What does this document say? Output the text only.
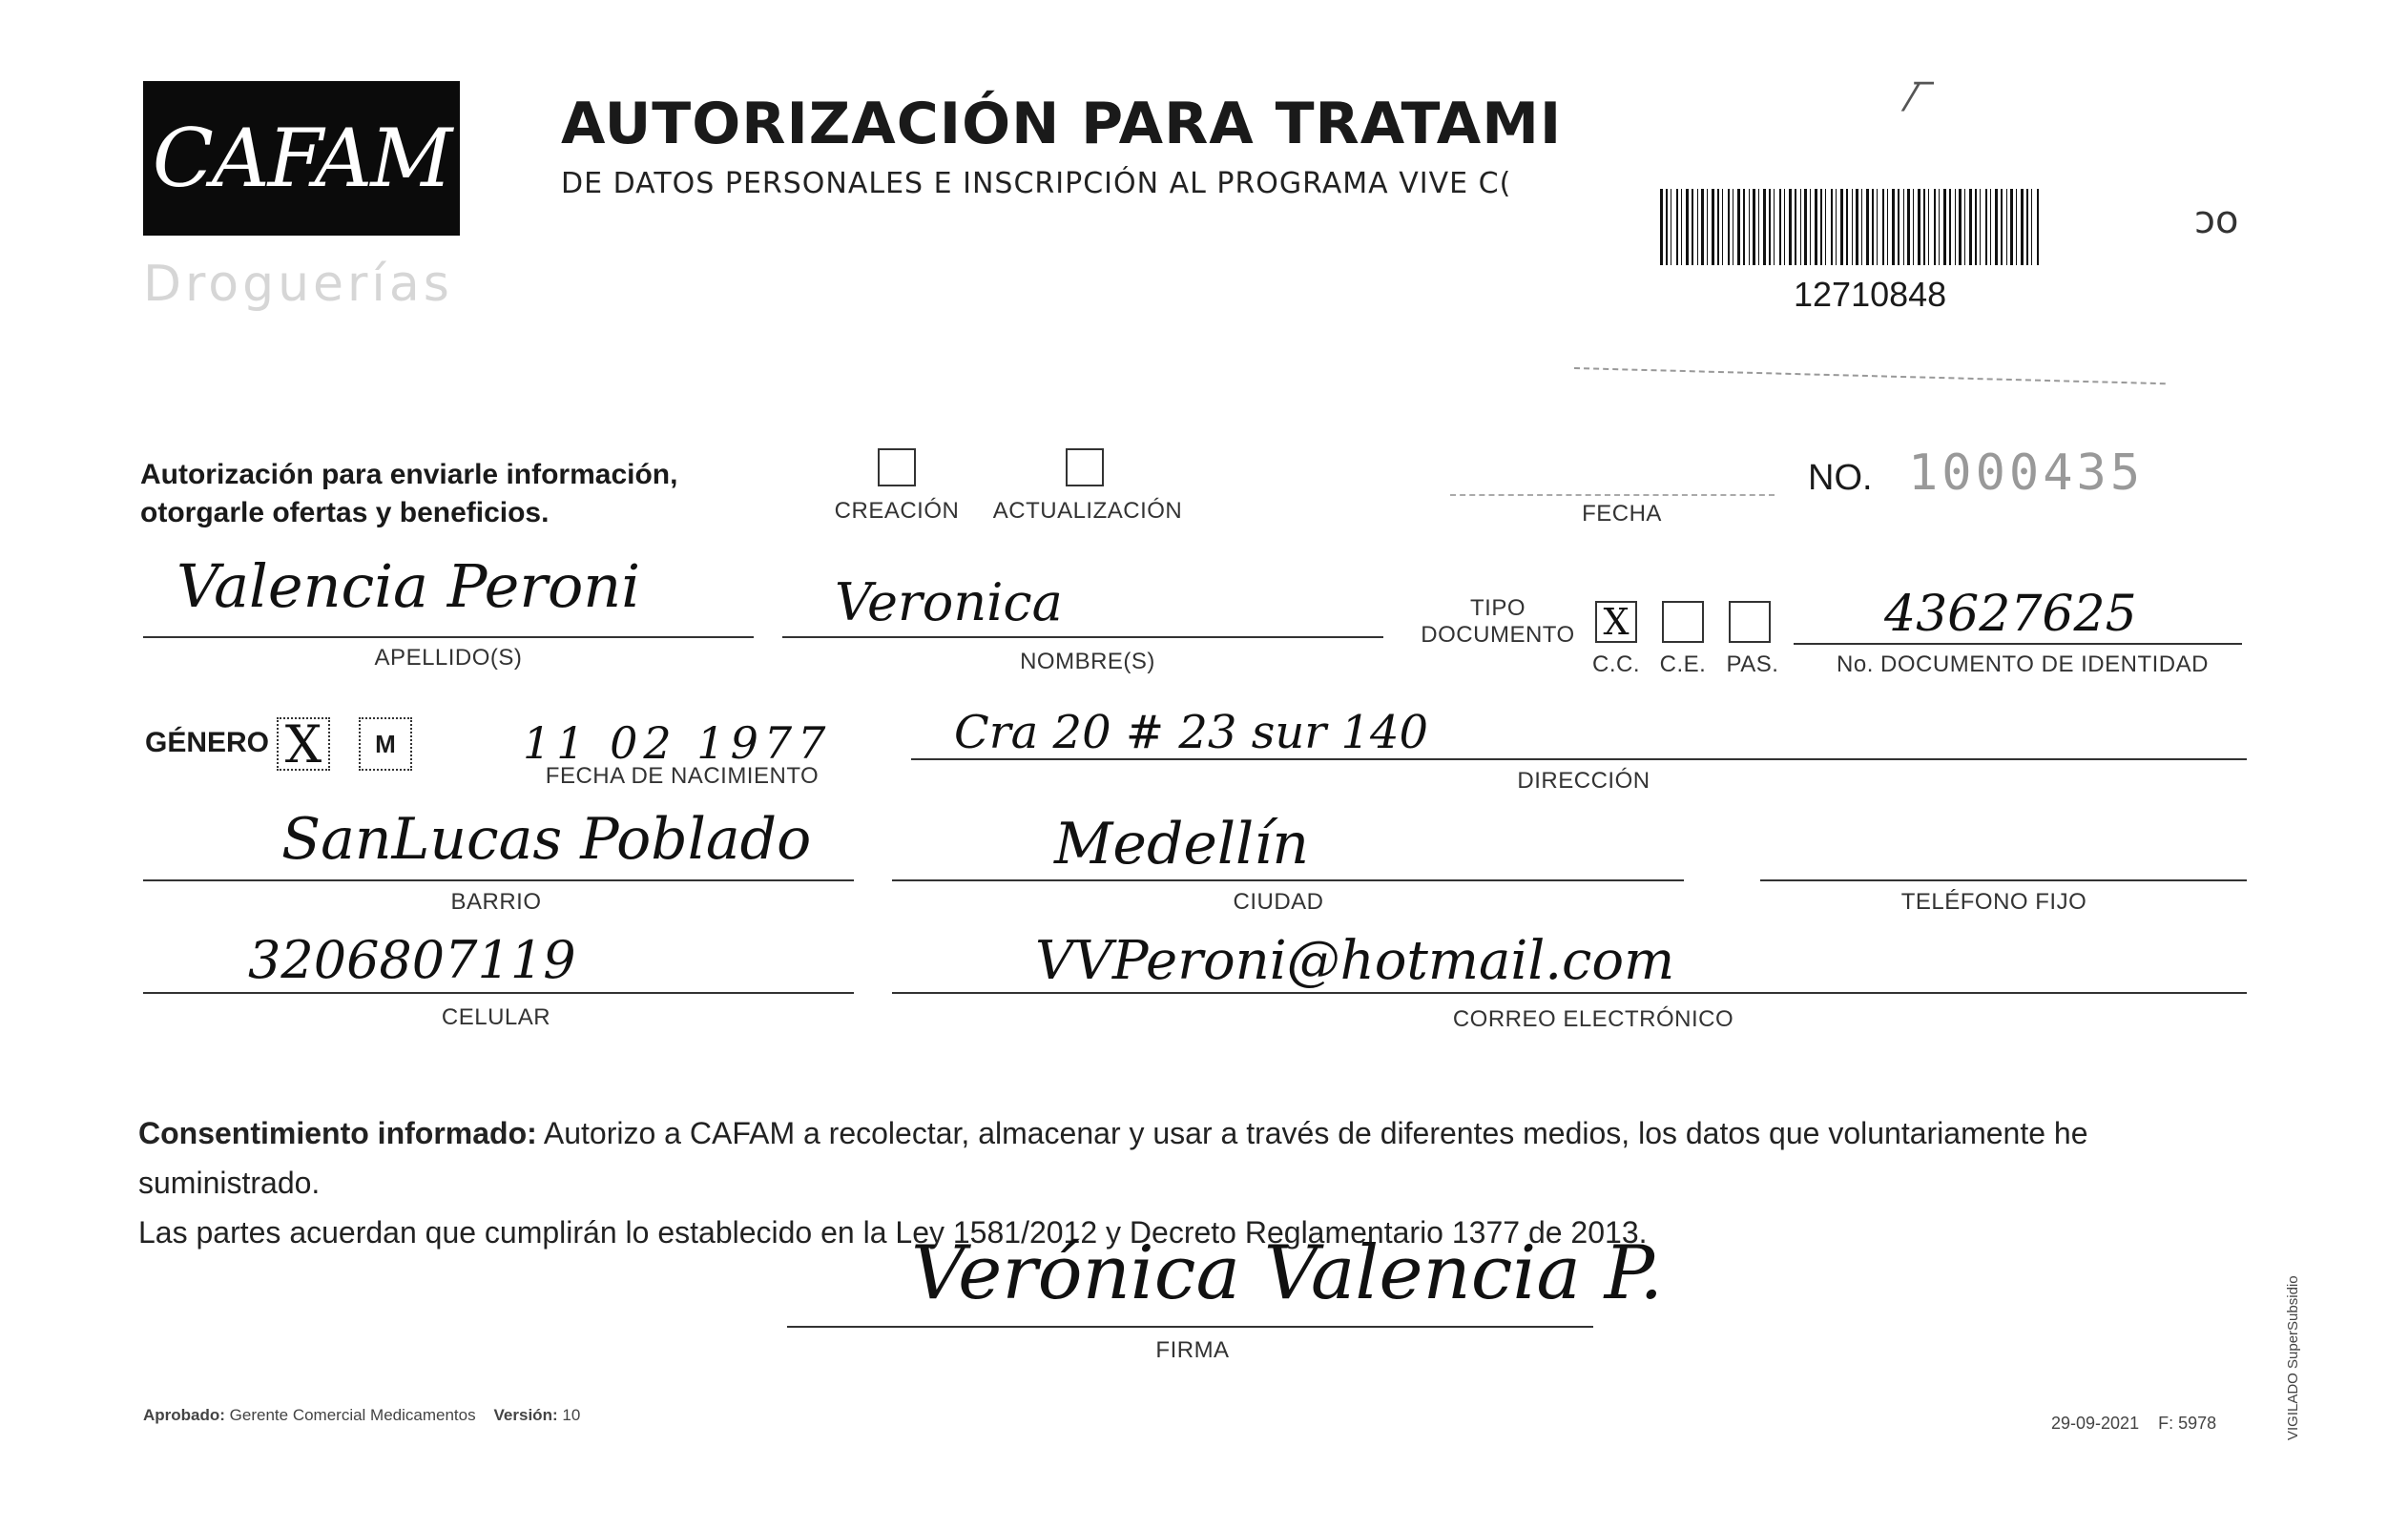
CAFAM
Droguerías
AUTORIZACIÓN PARA TRATAMI
DE DATOS PERSONALES E INSCRIPCIÓN AL PROGRAMA VIVE C(
⁄‾
12710848
ɔo
Autorización para enviarle información,
otorgarle ofertas y beneficios.	CREACIÓN	ACTUALIZACIÓN	FECHA
NO. 1000435
Valencia Peroni
APELLIDO(S)
Veronica
NOMBRE(S)
TIPO
DOCUMENTO X
C.C. C.E. PAS.
43627625
No. DOCUMENTO DE IDENTIDAD
GÉNERO X M	11 02 1977
FECHA DE NACIMIENTO
Cra 20 # 23 sur 140
DIRECCIÓN
SanLucas Poblado
BARRIO
Medellín
CIUDAD	TELÉFONO FIJO
3206807119
CELULAR
VVPeroni@hotmail.com
CORREO ELECTRÓNICO
Consentimiento informado: Autorizo a CAFAM a recolectar, almacenar y usar a través de diferentes medios, los datos que voluntariamente he suministrado.
Las partes acuerdan que cumplirán lo establecido en la Ley 1581/2012 y Decreto Reglamentario 1377 de 2013.
Verónica Valencia P.
FIRMA
Aprobado: Gerente Comercial Medicamentos Versión: 10	29-09-2021 F: 5978	VIGILADO SuperSubsidio
